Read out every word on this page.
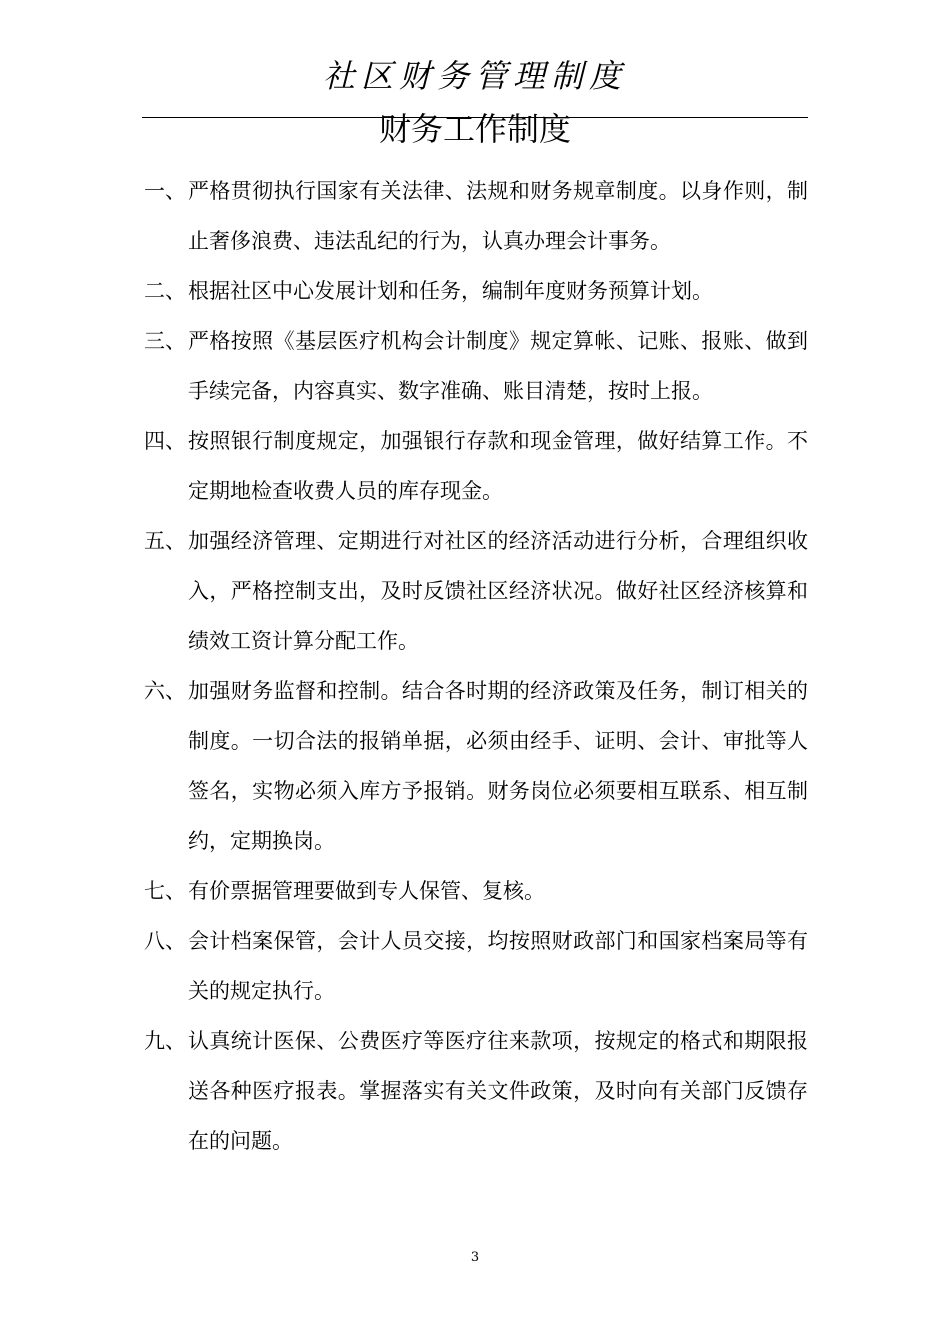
社区财务管理制度
财务工作制度
一、 严格贯彻执行国家有关法律、法规和财务规章制度。以身作则，制止奢侈浪费、违法乱纪的行为，认真办理会计事务。
二、 根据社区中心发展计划和任务，编制年度财务预算计划。
三、 严格按照《基层医疗机构会计制度》规定算帐、记账、报账、做到手续完备，内容真实、数字准确、账目清楚，按时上报。
四、 按照银行制度规定，加强银行存款和现金管理，做好结算工作。不定期地检查收费人员的库存现金。
五、 加强经济管理、定期进行对社区的经济活动进行分析，合理组织收入，严格控制支出，及时反馈社区经济状况。做好社区经济核算和绩效工资计算分配工作。
六、 加强财务监督和控制。结合各时期的经济政策及任务，制订相关的制度。一切合法的报销单据，必须由经手、证明、会计、审批等人签名，实物必须入库方予报销。财务岗位必须要相互联系、相互制约，定期换岗。
七、 有价票据管理要做到专人保管、复核。
八、 会计档案保管，会计人员交接，均按照财政部门和国家档案局等有关的规定执行。
九、 认真统计医保、公费医疗等医疗往来款项，按规定的格式和期限报送各种医疗报表。掌握落实有关文件政策，及时向有关部门反馈存在的问题。
3
